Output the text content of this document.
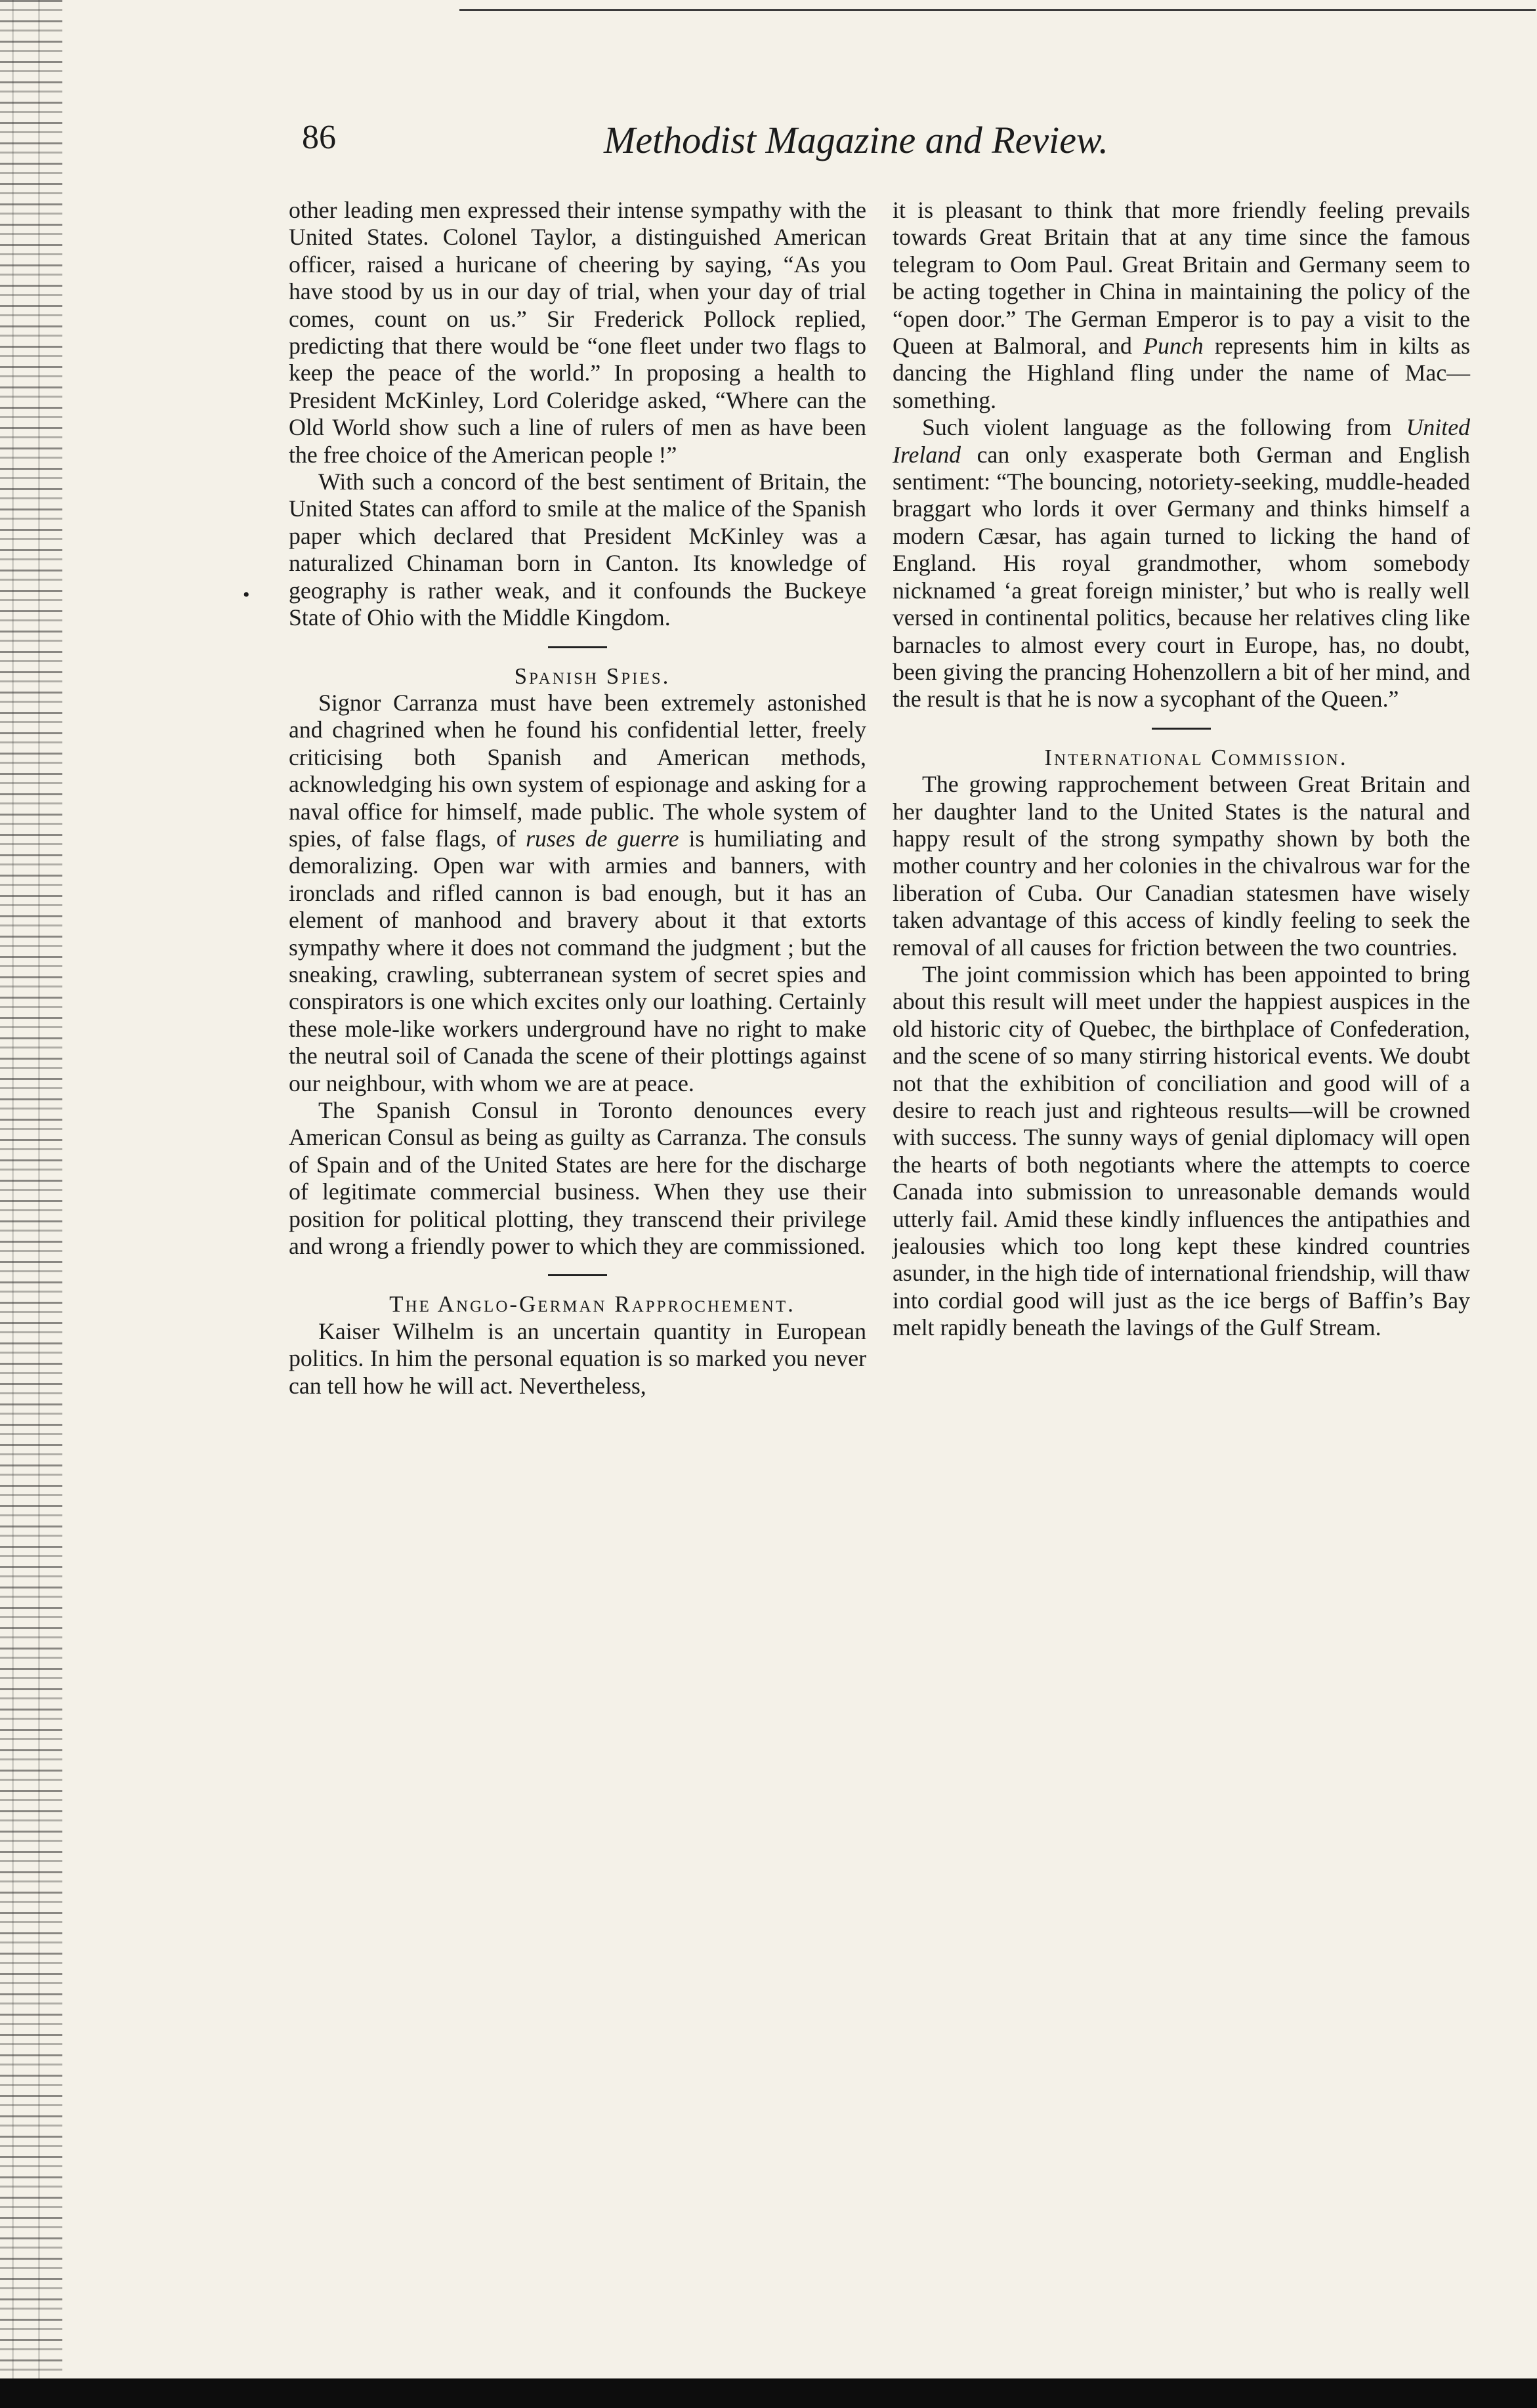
86	Methodist Magazine and Review.
•

other leading men expressed their intense sympathy with the United States. Colonel Taylor, a distinguished American officer, raised a huricane of cheering by saying, “As you have stood by us in our day of trial, when your day of trial comes, count on us.” Sir Frederick Pollock replied, predicting that there would be “one fleet under two flags to keep the peace of the world.” In proposing a health to President McKinley, Lord Coleridge asked, “Where can the Old World show such a line of rulers of men as have been the free choice of the American people !”

With such a concord of the best sentiment of Britain, the United States can afford to smile at the malice of the Spanish paper which declared that President McKinley was a naturalized Chinaman born in Canton. Its knowledge of geography is rather weak, and it confounds the Buckeye State of Ohio with the Middle Kingdom.

Spanish Spies.

Signor Carranza must have been extremely astonished and chagrined when he found his confidential letter, freely criticising both Spanish and American methods, acknowledging his own system of espionage and asking for a naval office for himself, made public. The whole system of spies, of false flags, of ruses de guerre is humiliating and demoralizing. Open war with armies and banners, with ironclads and rifled cannon is bad enough, but it has an element of manhood and bravery about it that extorts sympathy where it does not command the judgment ; but the sneaking, crawling, subterranean system of secret spies and conspirators is one which excites only our loathing. Certainly these mole-like workers underground have no right to make the neutral soil of Canada the scene of their plottings against our neighbour, with whom we are at peace.

The Spanish Consul in Toronto denounces every American Consul as being as guilty as Carranza. The consuls of Spain and of the United States are here for the discharge of legitimate commercial business. When they use their position for political plotting, they transcend their privilege and wrong a friendly power to which they are commissioned.

The Anglo-German Rapprochement.

Kaiser Wilhelm is an uncertain quantity in European politics. In him the personal equation is so marked you never can tell how he will act. Nevertheless,

it is pleasant to think that more friendly feeling prevails towards Great Britain that at any time since the famous telegram to Oom Paul. Great Britain and Germany seem to be acting together in China in maintaining the policy of the “open door.” The German Emperor is to pay a visit to the Queen at Balmoral, and Punch represents him in kilts as dancing the Highland fling under the name of Mac—something.

Such violent language as the following from United Ireland can only exasperate both German and English sentiment: “The bouncing, notoriety-seeking, muddle-headed braggart who lords it over Germany and thinks himself a modern Cæsar, has again turned to licking the hand of England. His royal grandmother, whom somebody nicknamed ‘a great foreign minister,’ but who is really well versed in continental politics, because her relatives cling like barnacles to almost every court in Europe, has, no doubt, been giving the prancing Hohenzollern a bit of her mind, and the result is that he is now a sycophant of the Queen.”

International Commission.

The growing rapprochement between Great Britain and her daughter land to the United States is the natural and happy result of the strong sympathy shown by both the mother country and her colonies in the chivalrous war for the liberation of Cuba. Our Canadian statesmen have wisely taken advantage of this access of kindly feeling to seek the removal of all causes for friction between the two countries.

The joint commission which has been appointed to bring about this result will meet under the happiest auspices in the old historic city of Quebec, the birthplace of Confederation, and the scene of so many stirring historical events. We doubt not that the exhibition of conciliation and good will of a desire to reach just and righteous results—will be crowned with success. The sunny ways of genial diplomacy will open the hearts of both negotiants where the attempts to coerce Canada into submission to unreasonable demands would utterly fail. Amid these kindly influences the antipathies and jealousies which too long kept these kindred countries asunder, in the high tide of international friendship, will thaw into cordial good will just as the ice bergs of Baffin’s Bay melt rapidly beneath the lavings of the Gulf Stream.
